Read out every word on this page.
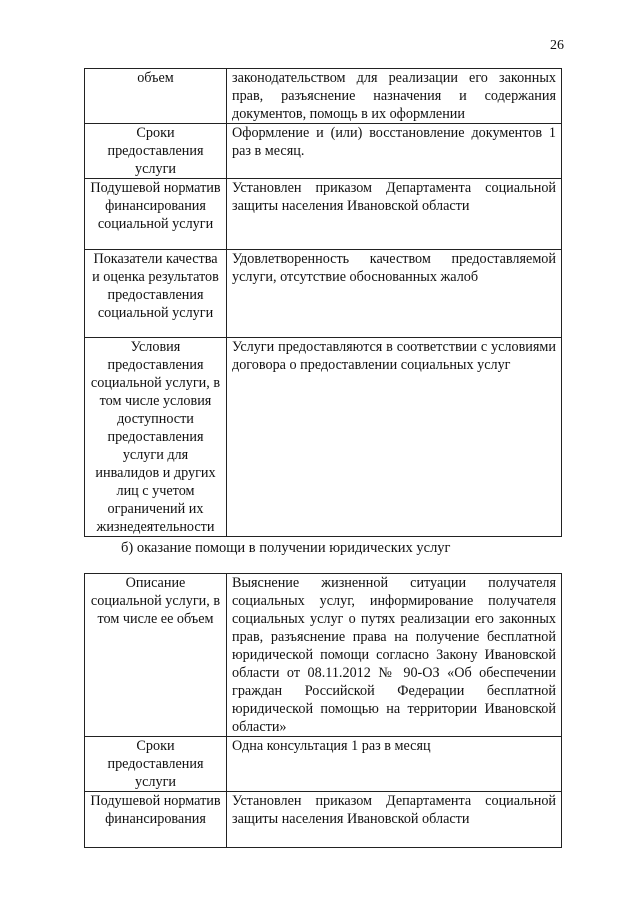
26
объем	законодательством для реализации его законных прав, разъяснение назначения и содержания документов, помощь в их оформлении
Сроки предоставления услуги	Оформление и (или) восстановление документов 1 раз в месяц.
Подушевой норматив финансирования социальной услуги	Установлен приказом Департамента социальной защиты населения Ивановской области
Показатели качества и оценка результатов предоставления социальной услуги	Удовлетворенность качеством предоставляемой услуги, отсутствие обоснованных жалоб
Условия предоставления социальной услуги, в том числе условия доступности предоставления услуги для инвалидов и других лиц с учетом ограничений их жизнедеятельности	Услуги предоставляются в соответствии с условиями договора о предоставлении социальных услуг
б) оказание помощи в получении юридических услуг
Описание социальной услуги, в том числе ее объем	Выяснение жизненной ситуации получателя социальных услуг, информирование получателя социальных услуг о путях реализации его законных прав, разъяснение права на получение бесплатной юридической помощи согласно Закону Ивановской области от 08.11.2012 № 90-ОЗ «Об обеспечении граждан Российской Федерации бесплатной юридической помощью на территории Ивановской области»
Сроки предоставления услуги	Одна консультация 1 раз в месяц
Подушевой норматив финансирования	Установлен приказом Департамента социальной защиты населения Ивановской области
